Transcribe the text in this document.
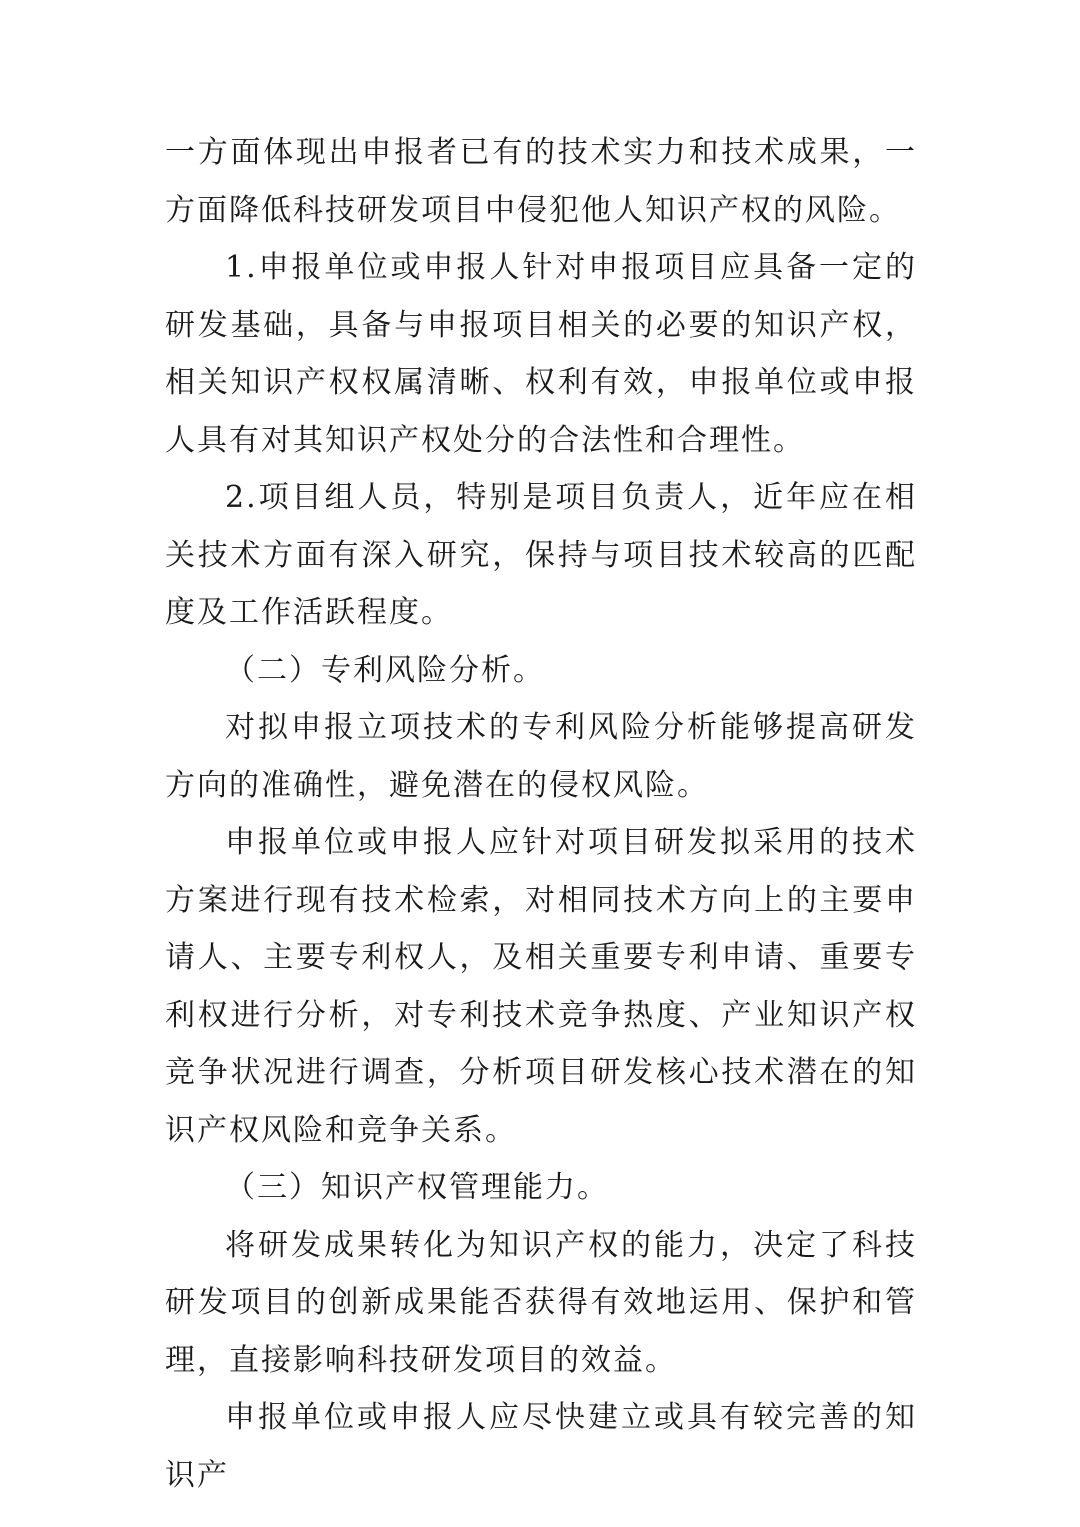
一方面体现出申报者已有的技术实力和技术成果，一方面降低科技研发项目中侵犯他人知识产权的风险。

1.申报单位或申报人针对申报项目应具备一定的研发基础，具备与申报项目相关的必要的知识产权，相关知识产权权属清晰、权利有效，申报单位或申报人具有对其知识产权处分的合法性和合理性。

2.项目组人员，特别是项目负责人，近年应在相关技术方面有深入研究，保持与项目技术较高的匹配度及工作活跃程度。

（二）专利风险分析。

对拟申报立项技术的专利风险分析能够提高研发方向的准确性，避免潜在的侵权风险。

申报单位或申报人应针对项目研发拟采用的技术方案进行现有技术检索，对相同技术方向上的主要申请人、主要专利权人，及相关重要专利申请、重要专利权进行分析，对专利技术竞争热度、产业知识产权竞争状况进行调查，分析项目研发核心技术潜在的知识产权风险和竞争关系。

（三）知识产权管理能力。

将研发成果转化为知识产权的能力，决定了科技研发项目的创新成果能否获得有效地运用、保护和管理，直接影响科技研发项目的效益。

申报单位或申报人应尽快建立或具有较完善的知识产
